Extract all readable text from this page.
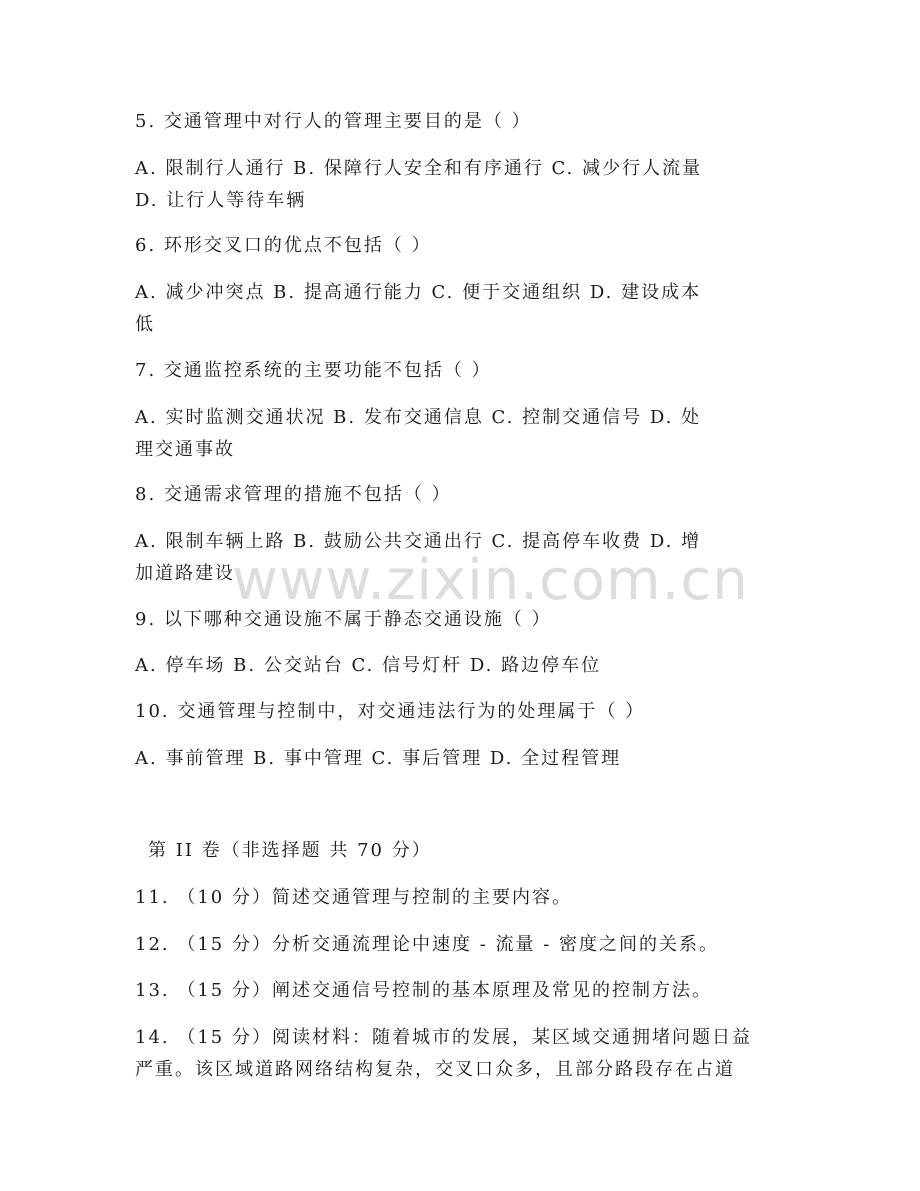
5. 交通管理中对行人的管理主要目的是（ ）
A. 限制行人通行 B. 保障行人安全和有序通行 C. 减少行人流量
D. 让行人等待车辆
6. 环形交叉口的优点不包括（ ）
A. 减少冲突点 B. 提高通行能力 C. 便于交通组织 D. 建设成本
低
7. 交通监控系统的主要功能不包括（ ）
A. 实时监测交通状况 B. 发布交通信息 C. 控制交通信号 D. 处
理交通事故
8. 交通需求管理的措施不包括（ ）
A. 限制车辆上路 B. 鼓励公共交通出行 C. 提高停车收费 D. 增
加道路建设
9. 以下哪种交通设施不属于静态交通设施（ ）
A. 停车场 B. 公交站台 C. 信号灯杆 D. 路边停车位
10. 交通管理与控制中，对交通违法行为的处理属于（ ）
A. 事前管理 B. 事中管理 C. 事后管理 D. 全过程管理
第 II 卷（非选择题 共 70 分）
11. （10 分）简述交通管理与控制的主要内容。
12. （15 分）分析交通流理论中速度 - 流量 - 密度之间的关系。
13. （15 分）阐述交通信号控制的基本原理及常见的控制方法。
14. （15 分）阅读材料：随着城市的发展，某区域交通拥堵问题日益
严重。该区域道路网络结构复杂，交叉口众多，且部分路段存在占道
www.zixin.com.cn
